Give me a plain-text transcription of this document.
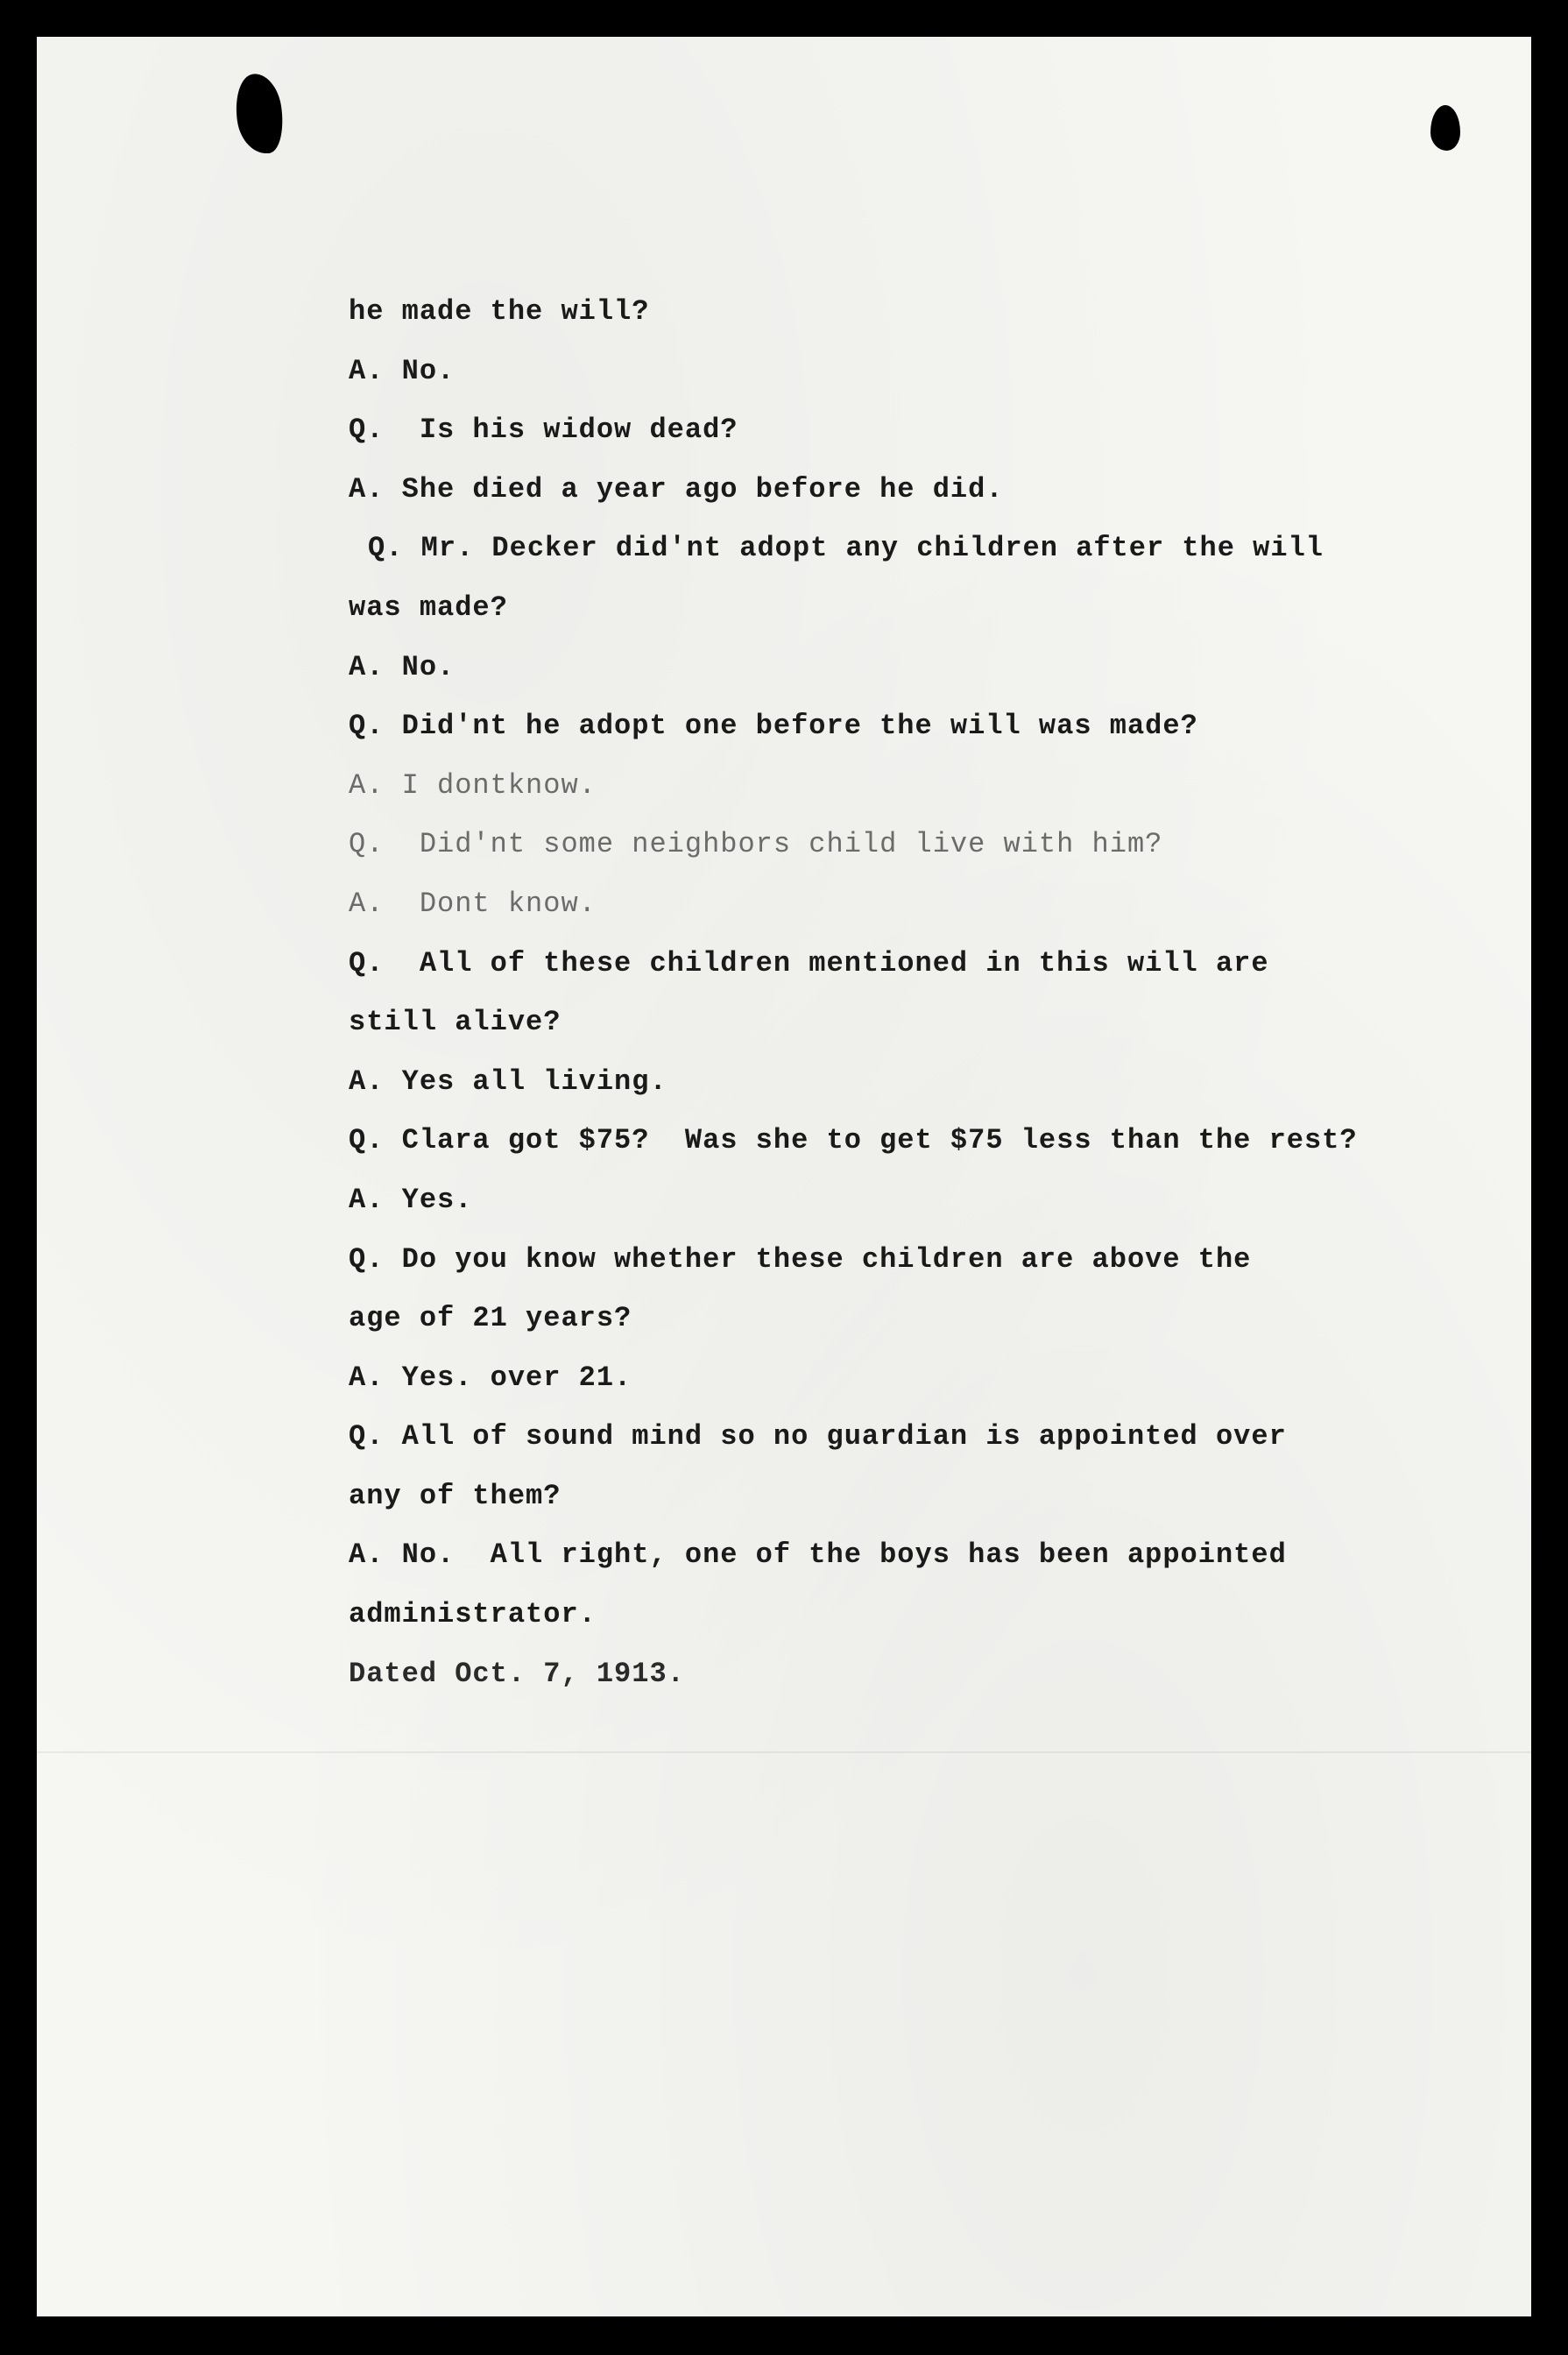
he made the will?
A. No.
Q.  Is his widow dead?
A. She died a year ago before he did.
Q. Mr. Decker did'nt adopt any children after the will
was made?
A. No.
Q. Did'nt he adopt one before the will was made?
A. I dontknow.
Q.  Did'nt some neighbors child live with him?
A.  Dont know.
Q.  All of these children mentioned in this will are
still alive?
A. Yes all living.
Q. Clara got $75?  Was she to get $75 less than the rest?
A. Yes.
Q. Do you know whether these children are above the
age of 21 years?
A. Yes. over 21.
Q. All of sound mind so no guardian is appointed over
any of them?
A. No.  All right, one of the boys has been appointed
administrator.
Dated Oct. 7, 1913.
